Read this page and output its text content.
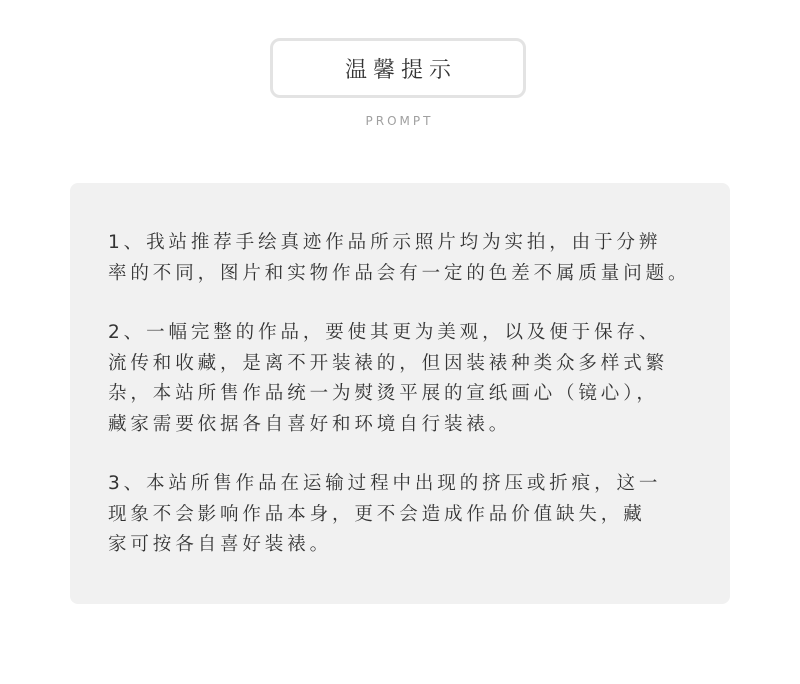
温馨提示
PROMPT

1、我站推荐手绘真迹作品所示照片均为实拍，由于分辨
率的不同，图片和实物作品会有一定的色差不属质量问题。

2、一幅完整的作品，要使其更为美观，以及便于保存、
流传和收藏，是离不开装裱的，但因装裱种类众多样式繁
杂，本站所售作品统一为熨烫平展的宣纸画心（镜心），
藏家需要依据各自喜好和环境自行装裱。

3、本站所售作品在运输过程中出现的挤压或折痕，这一
现象不会影响作品本身，更不会造成作品价值缺失，藏
家可按各自喜好装裱。
